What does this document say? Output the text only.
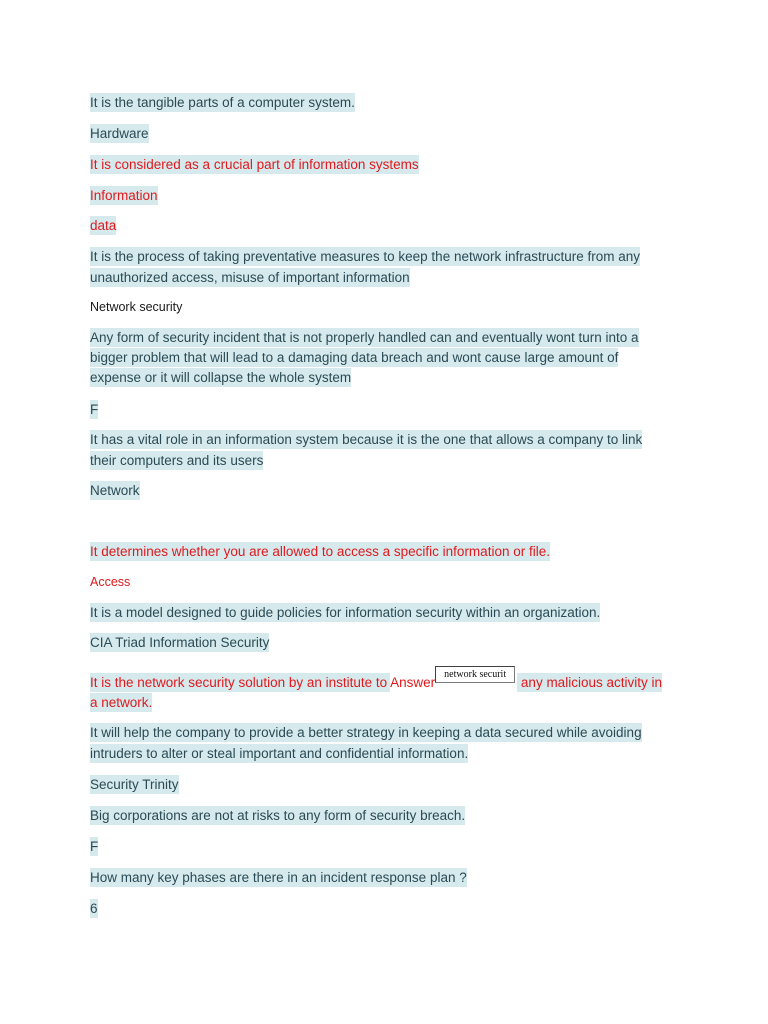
It is the tangible parts of a computer system.

Hardware

It is considered as a crucial part of information systems

Information

data

It is the process of taking preventative measures to keep the network infrastructure from any

unauthorized access, misuse of important information

Network security

Any form of security incident that is not properly handled can and eventually wont turn into a

bigger problem that will lead to a damaging data breach and wont cause large amount of

expense or it will collapse the whole system

F

It has a vital role in an information system because it is the one that allows a company to link

their computers and its users

Network

It determines whether you are allowed to access a specific information or file.

Access

It is a model designed to guide policies for information security within an organization.

CIA Triad Information Security

It is the network security solution by an institute to Answernetwork securit any malicious activity in

a network.

It will help the company to provide a better strategy in keeping a data secured while avoiding

intruders to alter or steal important and confidential information.

Security Trinity

Big corporations are not at risks to any form of security breach.

F

How many key phases are there in an incident response plan ?

6
